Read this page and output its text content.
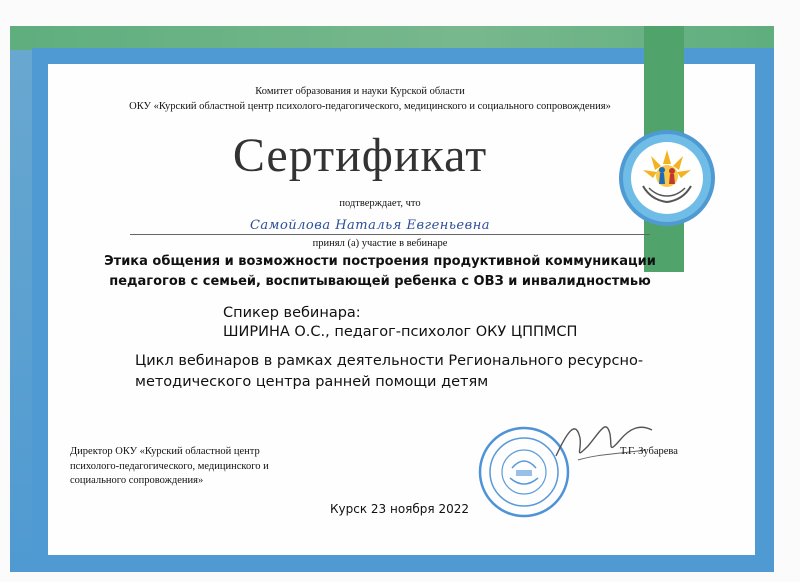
Комитет образования и науки Курской области
ОКУ «Курский областной центр психолого-педагогического, медицинского и социального сопровождения»
Сертификат
подтверждает, что
Самойлова Наталья Евгеньевна
принял (а) участие в вебинаре
Этика общения и возможности построения продуктивной коммуникации
педагогов с семьей, воспитывающей ребенка с ОВЗ и инвалидностмью
Спикер вебинара:
ШИРИНА О.С., педагог-психолог ОКУ ЦППМСП
Цикл вебинаров в рамках деятельности Регионального ресурсно-
методического центра ранней помощи детям
Директор ОКУ «Курский областной центр
психолого-педагогического, медицинского и
социального сопровождения»
Т.Г. Зубарева
Курск 23 ноября 2022
